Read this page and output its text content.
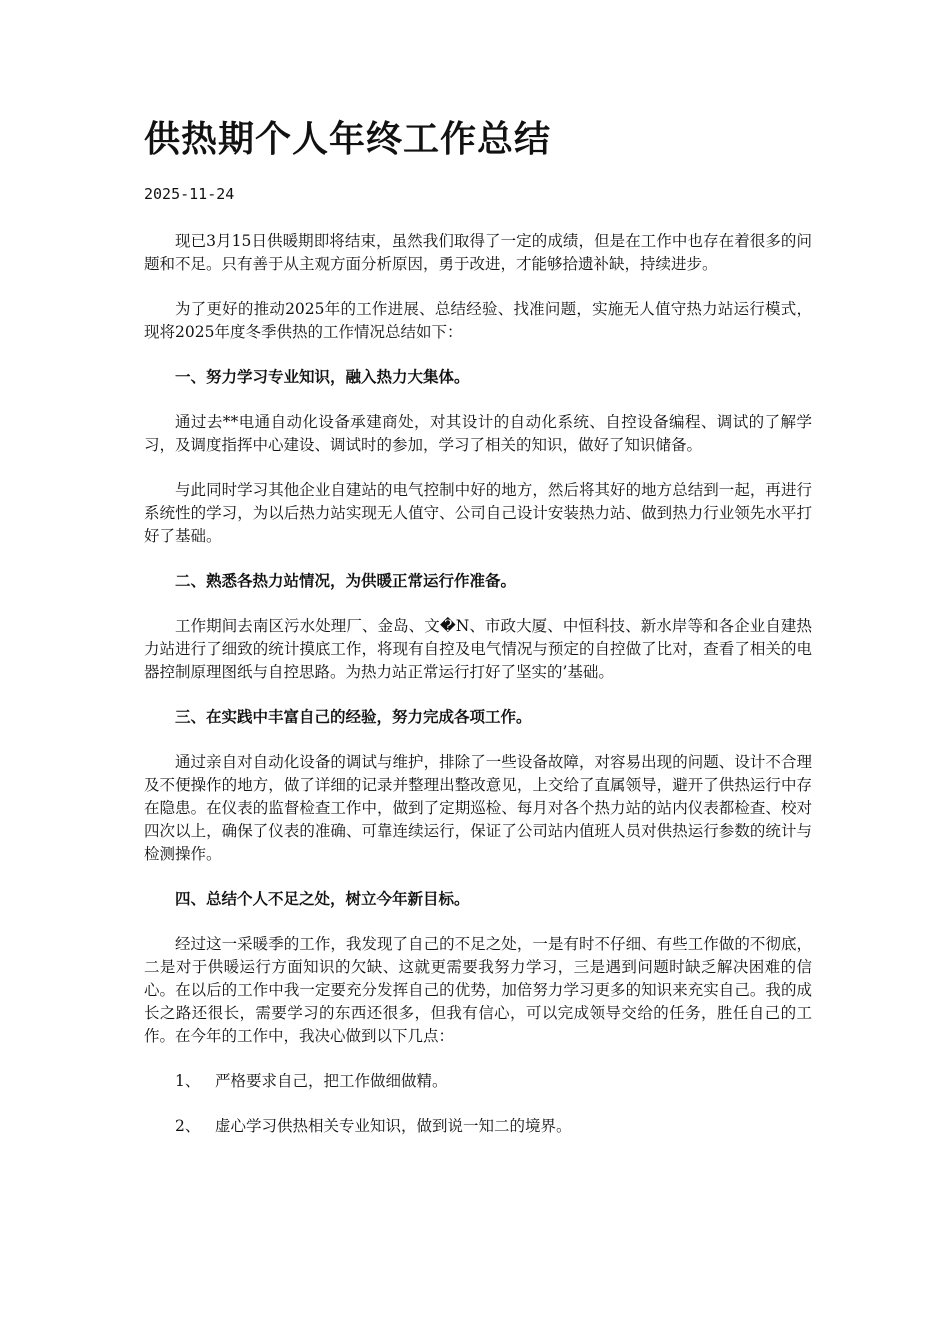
供热期个人年终工作总结
2025-11-24

现已3月15日供暖期即将结束，虽然我们取得了一定的成绩，但是在工作中也存在着很多的问题和不足。只有善于从主观方面分析原因，勇于改进，才能够拾遗补缺，持续进步。

为了更好的推动2025年的工作进展、总结经验、找准问题，实施无人值守热力站运行模式，现将2025年度冬季供热的工作情况总结如下：

一、努力学习专业知识，融入热力大集体。

通过去**电通自动化设备承建商处，对其设计的自动化系统、自控设备编程、调试的了解学习，及调度指挥中心建设、调试时的参加，学习了相关的知识，做好了知识储备。

与此同时学习其他企业自建站的电气控制中好的地方，然后将其好的地方总结到一起，再进行系统性的学习，为以后热力站实现无人值守、公司自己设计安装热力站、做到热力行业领先水平打好了基础。

二、熟悉各热力站情况，为供暖正常运行作准备。

工作期间去南区污水处理厂、金岛、文�N、市政大厦、中恒科技、新水岸等和各企业自建热力站进行了细致的统计摸底工作，将现有自控及电气情况与预定的自控做了比对，查看了相关的电器控制原理图纸与自控思路。为热力站正常运行打好了坚实的’基础。

三、在实践中丰富自己的经验，努力完成各项工作。

通过亲自对自动化设备的调试与维护，排除了一些设备故障，对容易出现的问题、设计不合理及不便操作的地方，做了详细的记录并整理出整改意见，上交给了直属领导，避开了供热运行中存在隐患。在仪表的监督检查工作中，做到了定期巡检、每月对各个热力站的站内仪表都检查、校对四次以上，确保了仪表的准确、可靠连续运行，保证了公司站内值班人员对供热运行参数的统计与检测操作。

四、总结个人不足之处，树立今年新目标。

经过这一采暖季的工作，我发现了自己的不足之处，一是有时不仔细、有些工作做的不彻底，二是对于供暖运行方面知识的欠缺、这就更需要我努力学习，三是遇到问题时缺乏解决困难的信心。在以后的工作中我一定要充分发挥自己的优势，加倍努力学习更多的知识来充实自己。我的成长之路还很长，需要学习的东西还很多，但我有信心，可以完成领导交给的任务，胜任自己的工作。在今年的工作中，我决心做到以下几点：

1、 严格要求自己，把工作做细做精。
2、 虚心学习供热相关专业知识，做到说一知二的境界。
